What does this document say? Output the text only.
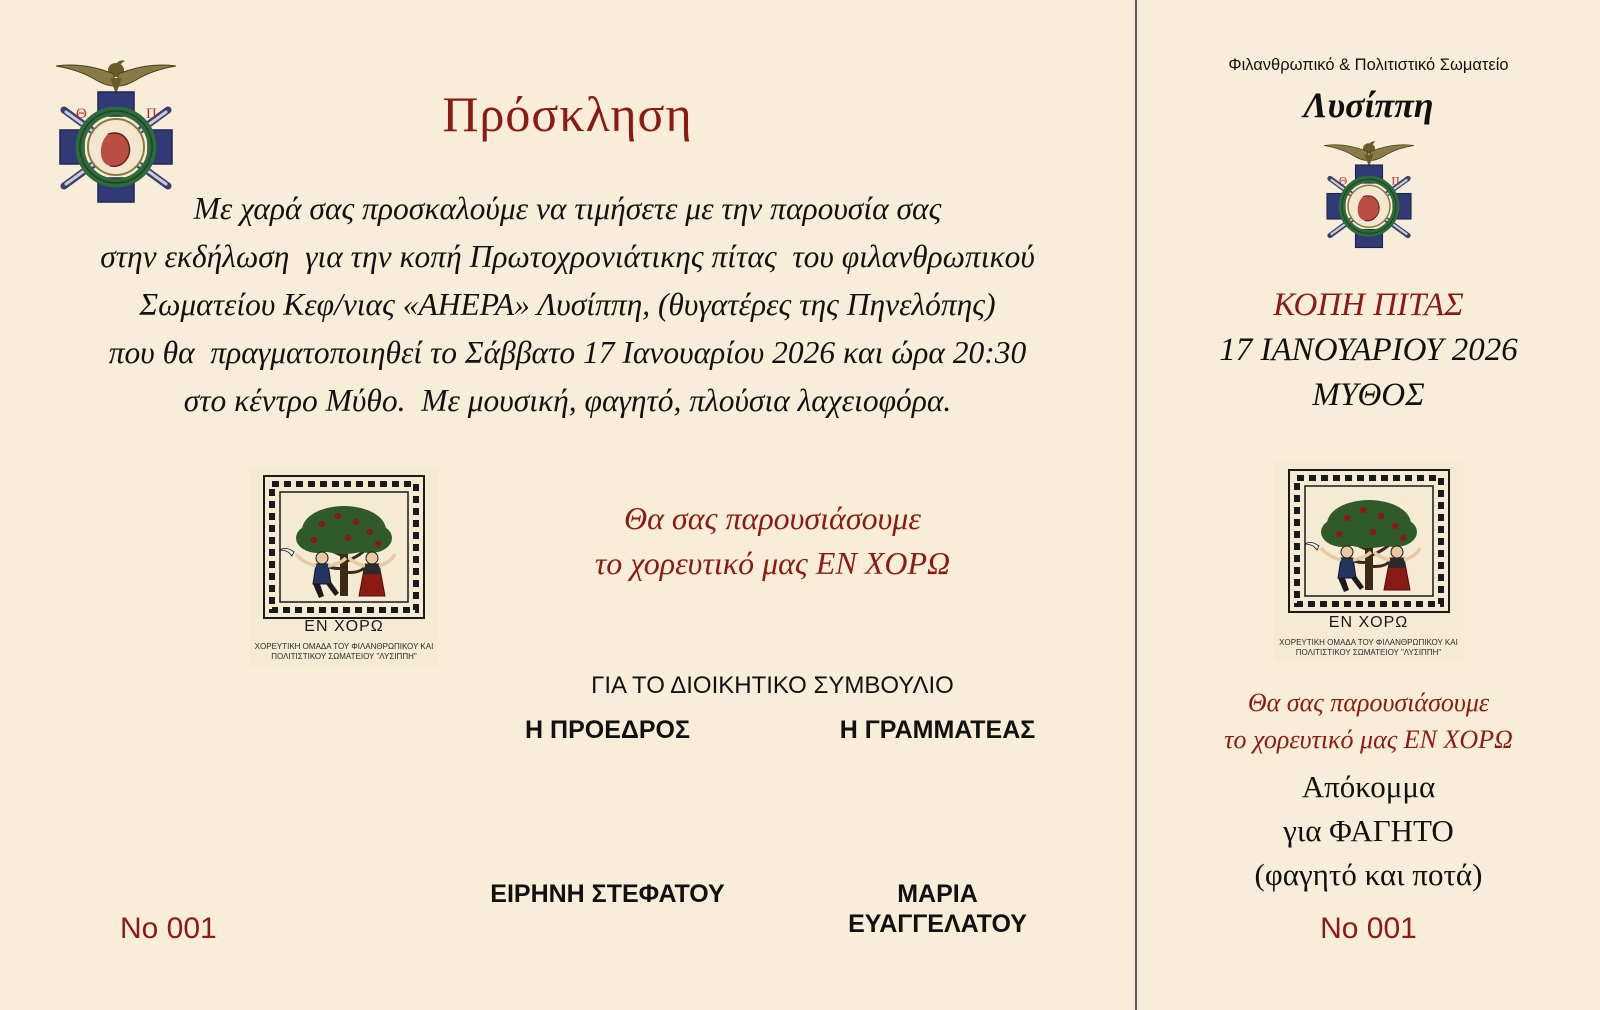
Θ	Π	Πρόσκληση
Με χαρά σας προσκαλούμε να τιμήσετε με την παρουσία σας
στην εκδήλωση  για την κοπή Πρωτοχρονιάτικης πίτας  του φιλανθρωπικού
Σωματείου Κεφ/νιας «ΑΗΕΡΑ» Λυσίππη, (θυγατέρες της Πηνελόπης)
που θα  πραγματοποιηθεί το Σάββατο 17 Ιανουαρίου 2026 και ώρα 20:30
στο κέντρο Μύθο.  Με μουσική, φαγητό, πλούσια λαχειοφόρα.
ΕΝ ΧΟΡΩ
ΧΟΡΕΥΤΙΚΗ ΟΜΑΔΑ ΤΟΥ ΦΙΛΑΝΘΡΩΠΙΚΟΥ ΚΑΙ
ΠΟΛΙΤΙΣΤΙΚΟΥ ΣΩΜΑΤΕΙΟΥ "ΛΥΣΙΠΠΗ"
Θα σας παρουσιάσουμε
το χορευτικό μας ΕΝ ΧΟΡΩ
ΓΙΑ ΤΟ ΔΙΟΙΚΗΤΙΚΟ ΣΥΜΒΟΥΛΙΟ
Η ΠΡΟΕΔΡΟΣ	Η ΓΡΑΜΜΑΤΕΑΣ
ΕΙΡΗΝΗ ΣΤΕΦΑΤΟΥ	ΜΑΡΙΑ ΕΥΑΓΓΕΛΑΤΟΥ
No 001
Φιλανθρωπικό & Πολιτιστικό Σωματείο
Λυσίππη
Θ	Π
ΚΟΠΗ ΠΙΤΑΣ
17 ΙΑΝΟΥΑΡΙΟΥ 2026
ΜΥΘΟΣ
ΕΝ ΧΟΡΩ
ΧΟΡΕΥΤΙΚΗ ΟΜΑΔΑ ΤΟΥ ΦΙΛΑΝΘΡΩΠΙΚΟΥ ΚΑΙ
ΠΟΛΙΤΙΣΤΙΚΟΥ ΣΩΜΑΤΕΙΟΥ "ΛΥΣΙΠΠΗ"
Θα σας παρουσιάσουμε
το χορευτικό μας ΕΝ ΧΟΡΩ
Απόκομμα
για ΦΑΓΗΤΟ
(φαγητό και ποτά)
No 001
